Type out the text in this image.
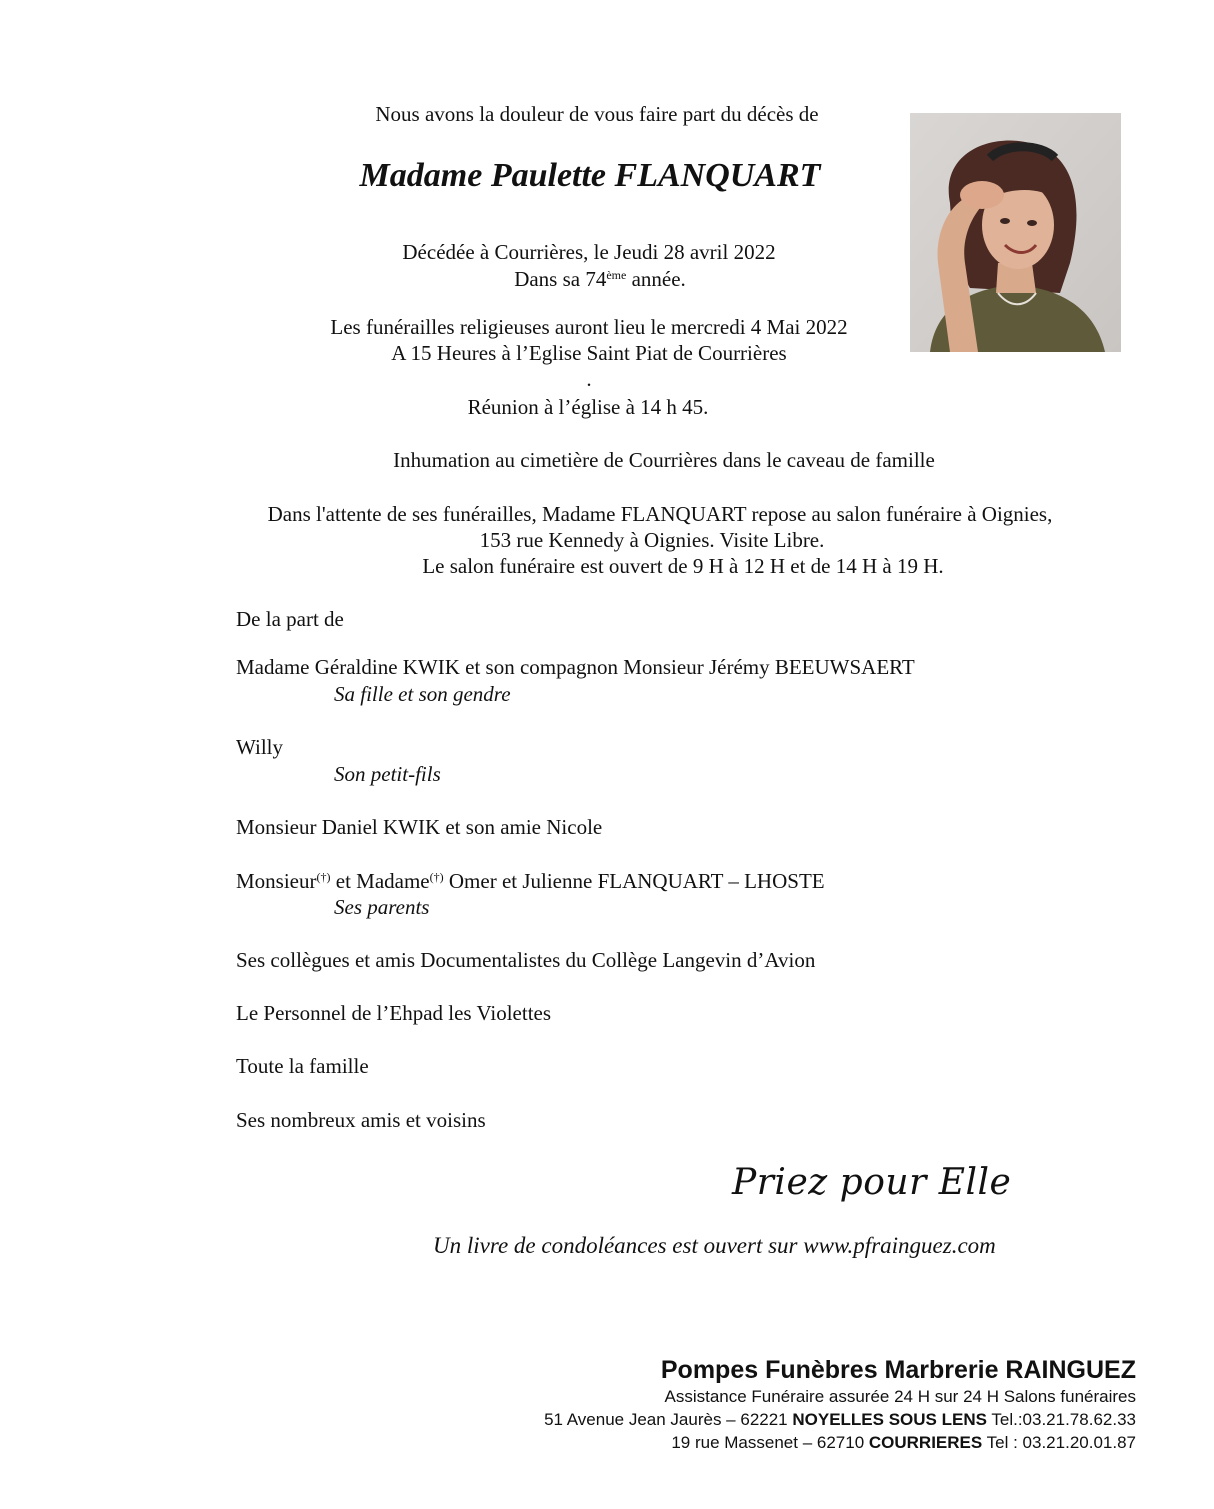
Nous avons la douleur de vous faire part du décès de
Madame Paulette FLANQUART
Décédée à Courrières, le Jeudi 28 avril 2022
Dans sa 74ème année.
Les funérailles religieuses auront lieu le mercredi 4 Mai 2022
A 15 Heures à l’Eglise Saint Piat de Courrières
.
Réunion à l’église à 14 h 45.
Inhumation au cimetière de Courrières dans le caveau de famille
Dans l'attente de ses funérailles, Madame FLANQUART repose au salon funéraire à Oignies,
153 rue Kennedy à Oignies. Visite Libre.
Le salon funéraire est ouvert de 9 H à 12 H et de 14 H à 19 H.
De la part de
Madame Géraldine KWIK et son compagnon Monsieur Jérémy BEEUWSAERT
Sa fille et son gendre
Willy
Son petit-fils
Monsieur Daniel KWIK et son amie Nicole
Monsieur(†) et Madame(†) Omer et Julienne FLANQUART – LHOSTE
Ses parents
Ses collègues et amis Documentalistes du Collège Langevin d’Avion
Le Personnel de l’Ehpad les Violettes
Toute la famille
Ses nombreux amis et voisins
Priez pour Elle
Un livre de condoléances est ouvert sur www.pfrainguez.com
Pompes Funèbres Marbrerie RAINGUEZ
Assistance Funéraire assurée 24 H sur 24 H Salons funéraires
51 Avenue Jean Jaurès – 62221 NOYELLES SOUS LENS Tel.:03.21.78.62.33
19 rue Massenet – 62710 COURRIERES Tel : 03.21.20.01.87
